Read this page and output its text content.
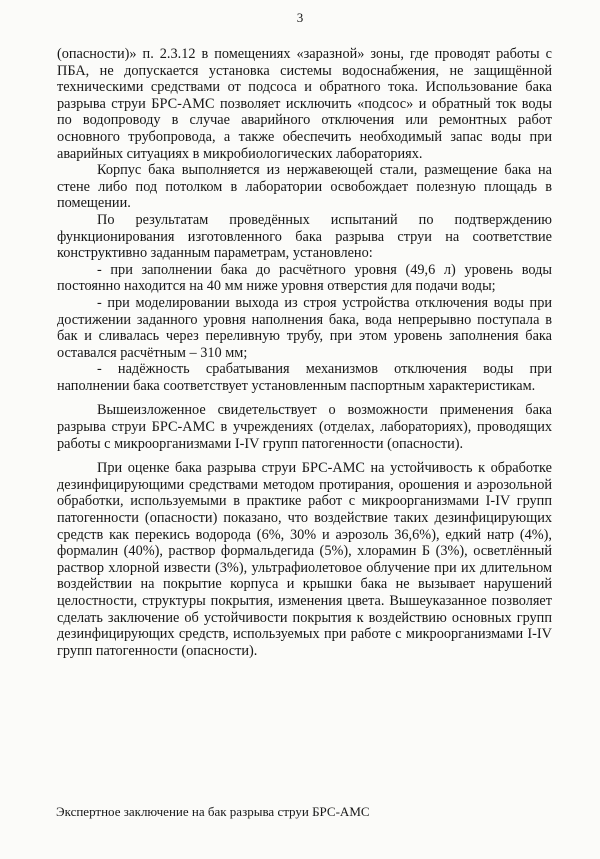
3

(опасности)» п. 2.3.12 в помещениях «заразной» зоны, где проводят работы с ПБА, не допускается установка системы водоснабжения, не защищённой техническими средствами от подсоса и обратного тока. Использование бака разрыва струи БРС-АМС позволяет исключить «подсос» и обратный ток воды по водопроводу в случае аварийного отключения или ремонтных работ основного трубопровода, а также обеспечить необходимый запас воды при аварийных ситуациях в микробиологических лабораториях.

Корпус бака выполняется из нержавеющей стали, размещение бака на стене либо под потолком в лаборатории освобождает полезную площадь в помещении.

По результатам проведённых испытаний по подтверждению функционирования изготовленного бака разрыва струи на соответствие конструктивно заданным параметрам, установлено:

- при заполнении бака до расчётного уровня (49,6 л) уровень воды постоянно находится на 40 мм ниже уровня отверстия для подачи воды;

- при моделировании выхода из строя устройства отключения воды при достижении заданного уровня наполнения бака, вода непрерывно поступала в бак и сливалась через переливную трубу, при этом уровень заполнения бака оставался расчётным – 310 мм;

- надёжность срабатывания механизмов отключения воды при наполнении бака соответствует установленным паспортным характеристикам.

Вышеизложенное свидетельствует о возможности применения бака разрыва струи БРС-АМС в учреждениях (отделах, лабораториях), проводящих работы с микроорганизмами I-IV групп патогенности (опасности).

При оценке бака разрыва струи БРС-АМС на устойчивость к обработке дезинфицирующими средствами методом протирания, орошения и аэрозольной обработки, используемыми в практике работ с микроорганизмами I-IV групп патогенности (опасности) показано, что воздействие таких дезинфицирующих средств как перекись водорода (6%, 30% и аэрозоль 36,6%), едкий натр (4%), формалин (40%), раствор формальдегида (5%), хлорамин Б (3%), осветлённый раствор хлорной извести (3%), ультрафиолетовое облучение при их длительном воздействии на покрытие корпуса и крышки бака не вызывает нарушений целостности, структуры покрытия, изменения цвета. Вышеуказанное позволяет сделать заключение об устойчивости покрытия к воздействию основных групп дезинфицирующих средств, используемых при работе с микроорганизмами I-IV групп патогенности (опасности).

Экспертное заключение на бак разрыва струи БРС-АМС
